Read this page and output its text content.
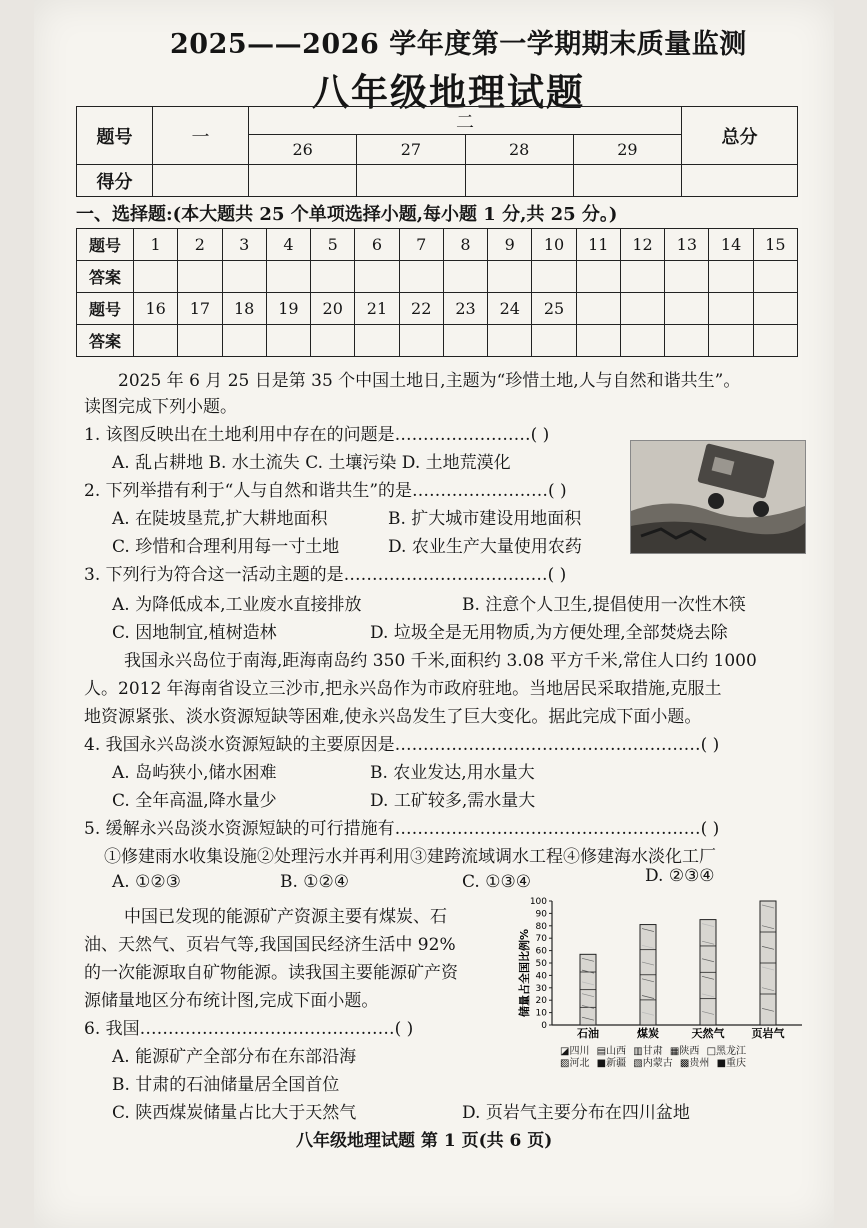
2025——2026 学年度第一学期期末质量监测
八年级地理试题
题号	一	二				总分
		26	27	28	29	
得分						
一、选择题:(本大题共 25 个单项选择小题,每小题 1 分,共 25 分。)
题号	1	2	3	4	5	6	7	8	9	10	11	12	13	14	15
答案															
题号	16	17	18	19	20	21	22	23	24	25					
答案															
2025 年 6 月 25 日是第 35 个中国土地日,主题为“珍惜土地,人与自然和谐共生”。
读图完成下列小题。
1. 该图反映出在土地利用中存在的问题是……………………( )
A. 乱占耕地 B. 水土流失 C. 土壤污染 D. 土地荒漠化
2. 下列举措有利于“人与自然和谐共生”的是……………………( )
A. 在陡坡垦荒,扩大耕地面积	B. 扩大城市建设用地面积
C. 珍惜和合理利用每一寸土地	D. 农业生产大量使用农药
3. 下列行为符合这一活动主题的是………………………………( )
A. 为降低成本,工业废水直接排放	B. 注意个人卫生,提倡使用一次性木筷
C. 因地制宜,植树造林	D. 垃圾全是无用物质,为方便处理,全部焚烧去除
我国永兴岛位于南海,距海南岛约 350 千米,面积约 3.08 平方千米,常住人口约 1000
人。2012 年海南省设立三沙市,把永兴岛作为市政府驻地。当地居民采取措施,克服土
地资源紧张、淡水资源短缺等困难,使永兴岛发生了巨大变化。据此完成下面小题。
4. 我国永兴岛淡水资源短缺的主要原因是………………………………………………( )
A. 岛屿狭小,储水困难	B. 农业发达,用水量大
C. 全年高温,降水量少	D. 工矿较多,需水量大
5. 缓解永兴岛淡水资源短缺的可行措施有………………………………………………( )
①修建雨水收集设施②处理污水并再利用③建跨流域调水工程④修建海水淡化工厂
A. ①②③	B. ①②④	C. ①③④	D. ②③④
中国已发现的能源矿产资源主要有煤炭、石
油、天然气、页岩气等,我国国民经济生活中 92%
的一次能源取自矿物能源。读我国主要能源矿产资
源储量地区分布统计图,完成下面小题。
6. 我国………………………………………( )
A. 能源矿产全部分布在东部沿海
B. 甘肃的石油储量居全国首位
C. 陕西煤炭储量占比大于天然气	D. 页岩气主要分布在四川盆地
储量占全国比例%
0
10
20
30
40
50
60
70
80
90
100
石油	煤炭	天然气 页岩气
◪四川 ▤山西 ▥甘肃 ▦陕西 □黑龙江
▨河北 ■新疆 ▧内蒙古 ▩贵州 ■重庆
八年级地理试题 第 1 页(共 6 页)
